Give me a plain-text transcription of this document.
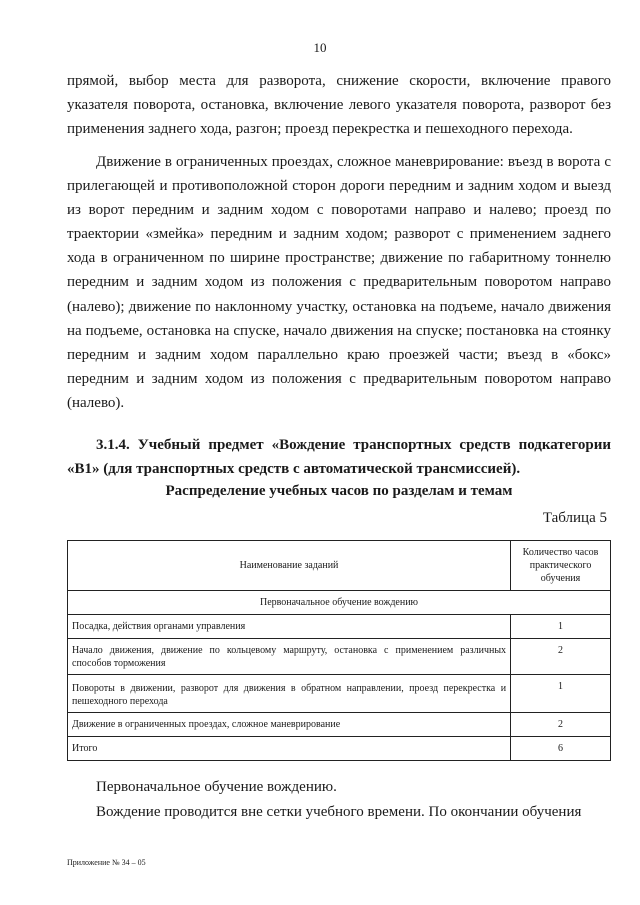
10

прямой, выбор места для разворота, снижение скорости, включение правого указателя поворота, остановка, включение левого указателя поворота, разворот без применения заднего хода, разгон; проезд перекрестка и пешеходного перехода.

Движение в ограниченных проездах, сложное маневрирование: въезд в ворота с прилегающей и противоположной сторон дороги передним и задним ходом и выезд из ворот передним и задним ходом с поворотами направо и налево; проезд по траектории «змейка» передним и задним ходом; разворот с применением заднего хода в ограниченном по ширине пространстве; движение по габаритному тоннелю передним и задним ходом из положения с предварительным поворотом направо (налево); движение по наклонному участку, остановка на подъеме, начало движения на подъеме, остановка на спуске, начало движения на спуске; постановка на стоянку передним и задним ходом параллельно краю проезжей части; въезд в «бокс» передним и задним ходом из положения с предварительным поворотом направо (налево).

3.1.4. Учебный предмет «Вождение транспортных средств подкатегории «B1» (для транспортных средств с автоматической трансмиссией).

Распределение учебных часов по разделам и темам
Таблица 5
Наименование заданий	Количество часов практического обучения
Первоначальное обучение вождению	
Посадка, действия органами управления	1
Начало движения, движение по кольцевому маршруту, остановка с применением различных способов торможения	2
Повороты в движении, разворот для движения в обратном направлении, проезд перекрестка и пешеходного перехода	1
Движение в ограниченных проездах, сложное маневрирование	2
Итого	6

Первоначальное обучение вождению.

Вождение проводится вне сетки учебного времени. По окончании обучения

Приложение № 34 – 05
